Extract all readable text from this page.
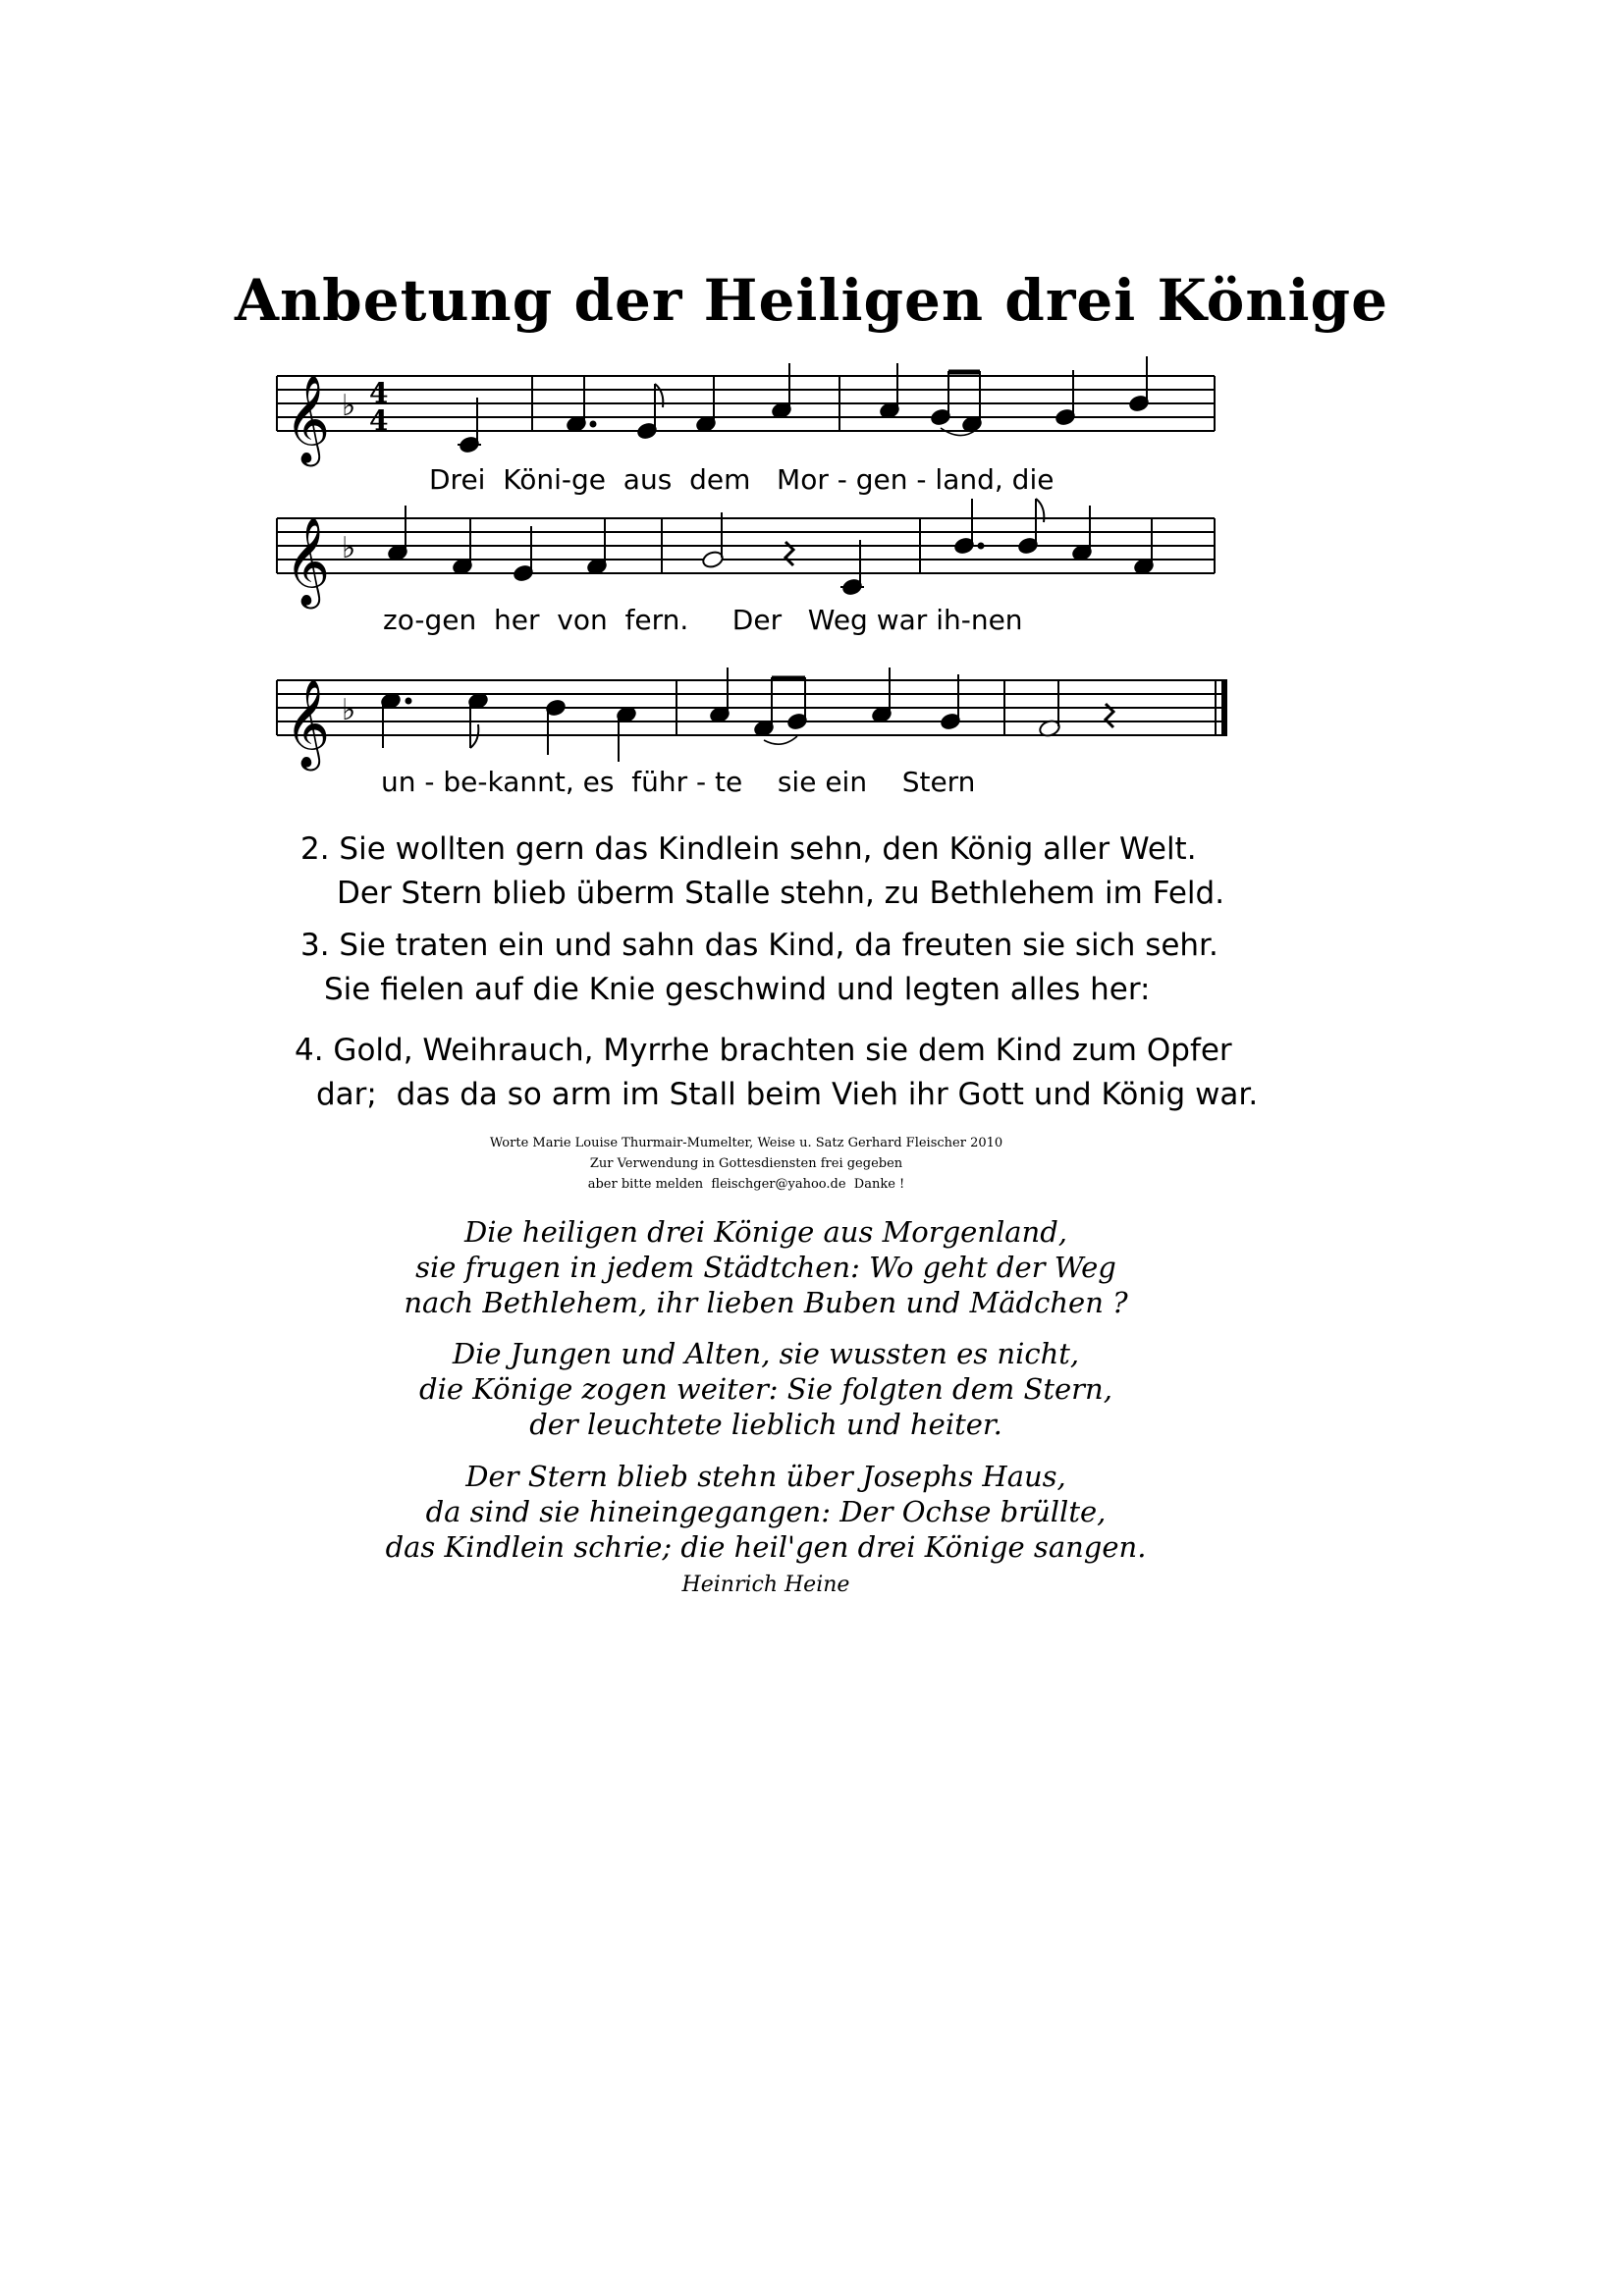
Anbetung der Heiligen drei Könige
𝄞 ♭ 4
4
𝄞 ♭
𝄞 ♭
Drei  Köni-ge  aus  dem   Mor - gen - land, die
zo-gen  her  von  fern.     Der   Weg war ih-nen
un - be-kannt, es  führ - te    sie ein    Stern
2. Sie wollten gern das Kindlein sehn, den König aller Welt.
Der Stern blieb überm Stalle stehn, zu Bethlehem im Feld.
3. Sie traten ein und sahn das Kind, da freuten sie sich sehr.
Sie fielen auf die Knie geschwind und legten alles her:
4. Gold, Weihrauch, Myrrhe brachten sie dem Kind zum Opfer
dar;  das da so arm im Stall beim Vieh ihr Gott und König war.
Worte Marie Louise Thurmair-Mumelter, Weise u. Satz Gerhard Fleischer 2010
Zur Verwendung in Gottesdiensten frei gegeben
aber bitte melden  fleischger@yahoo.de  Danke !
Die heiligen drei Könige aus Morgenland,
sie frugen in jedem Städtchen: Wo geht der Weg
nach Bethlehem, ihr lieben Buben und Mädchen ?
Die Jungen und Alten, sie wussten es nicht,
die Könige zogen weiter: Sie folgten dem Stern,
der leuchtete lieblich und heiter.
Der Stern blieb stehn über Josephs Haus,
da sind sie hineingegangen: Der Ochse brüllte,
das Kindlein schrie; die heil'gen drei Könige sangen.
Heinrich Heine
